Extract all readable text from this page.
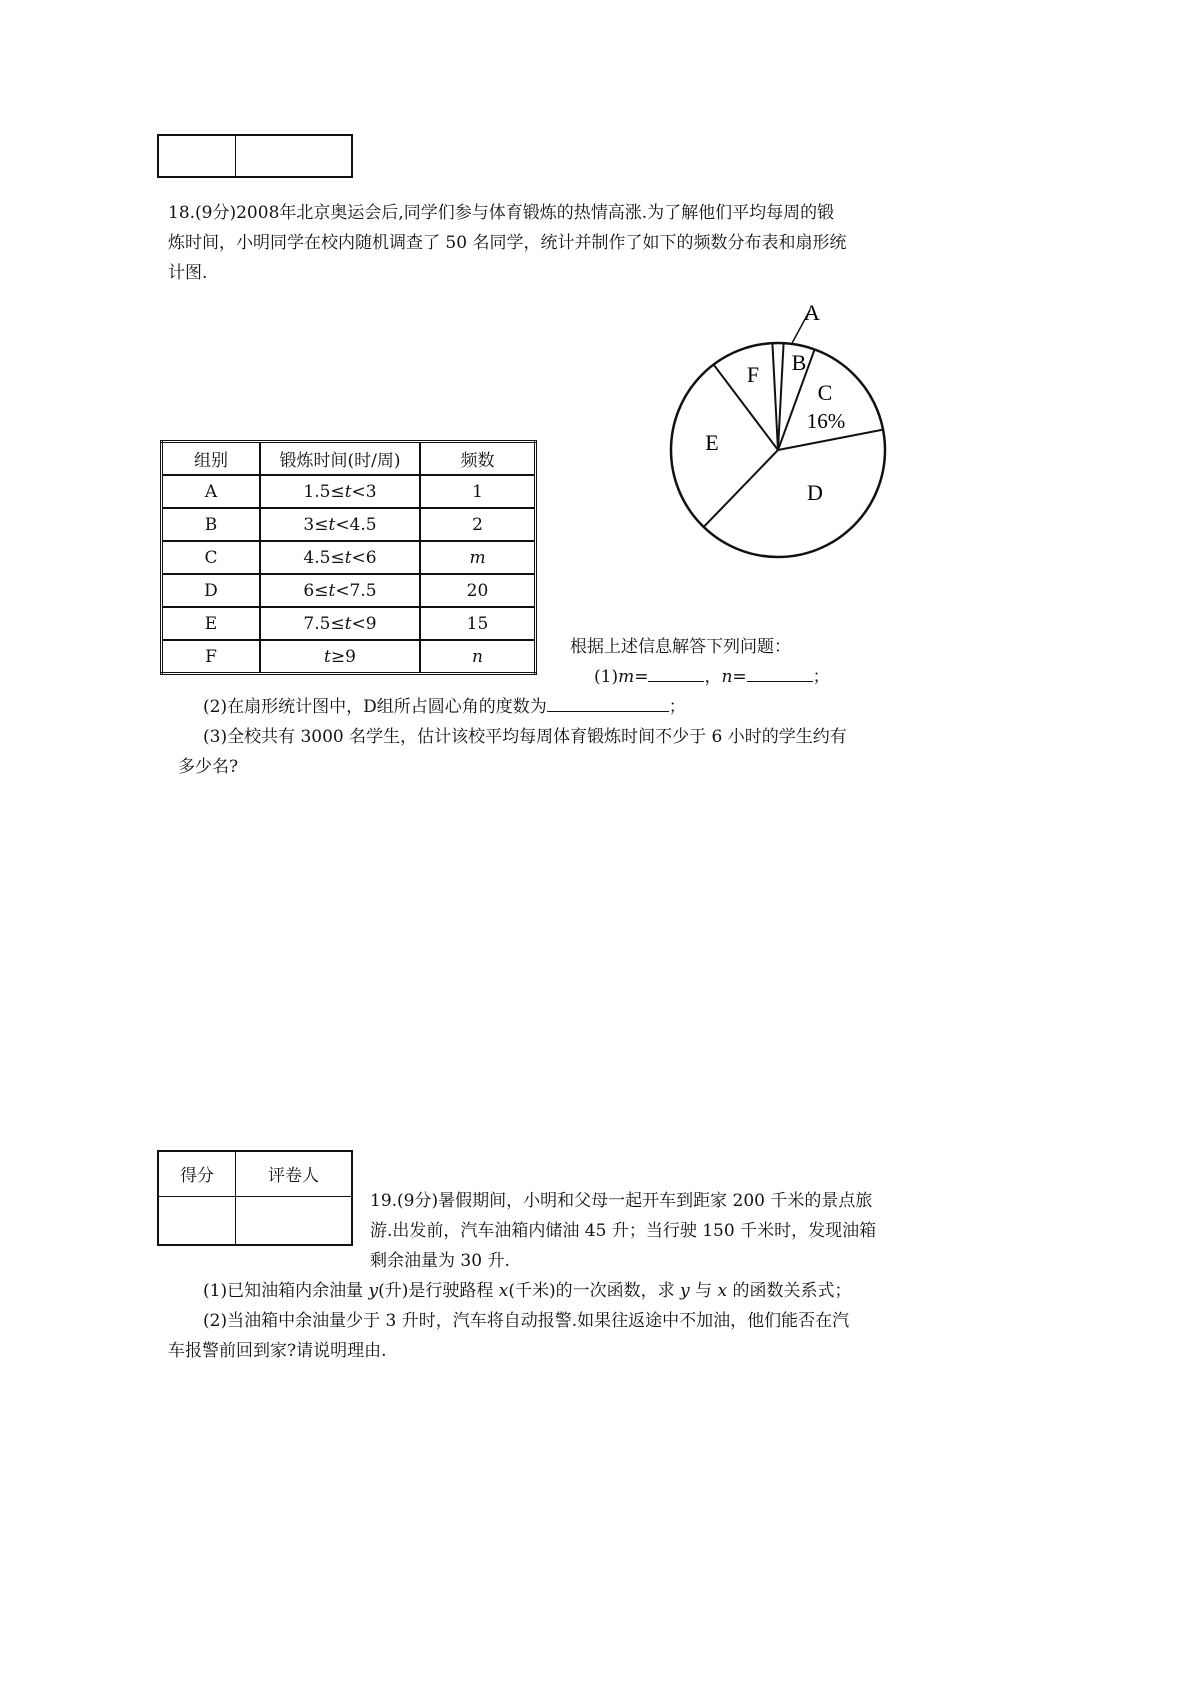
18.(9分)2008年北京奥运会后,同学们参与体育锻炼的热情高涨.为了解他们平均每周的锻
炼时间，小明同学在校内随机调查了 50 名同学，统计并制作了如下的频数分布表和扇形统
计图.
组别	锻炼时间(时/周)	频数
A	1.5≤t<3	1
B	3≤t<4.5	2
C	4.5≤t<6	m
D	6≤t<7.5	20
E	7.5≤t<9	15
F	t≥9	n
A
B
C
D
E
F
16%
根据上述信息解答下列问题：
(1)m=	，n=	；
(2)在扇形统计图中，D组所占圆心角的度数为	；
(3)全校共有 3000 名学生，估计该校平均每周体育锻炼时间不少于 6 小时的学生约有
多少名?
得分	评卷人

19.(9分)暑假期间，小明和父母一起开车到距家 200 千米的景点旅
游.出发前，汽车油箱内储油 45 升；当行驶 150 千米时，发现油箱
剩余油量为 30 升.
(1)已知油箱内余油量 y(升)是行驶路程 x(千米)的一次函数，求 y 与 x 的函数关系式；
(2)当油箱中余油量少于 3 升时，汽车将自动报警.如果往返途中不加油，他们能否在汽
车报警前回到家?请说明理由.
